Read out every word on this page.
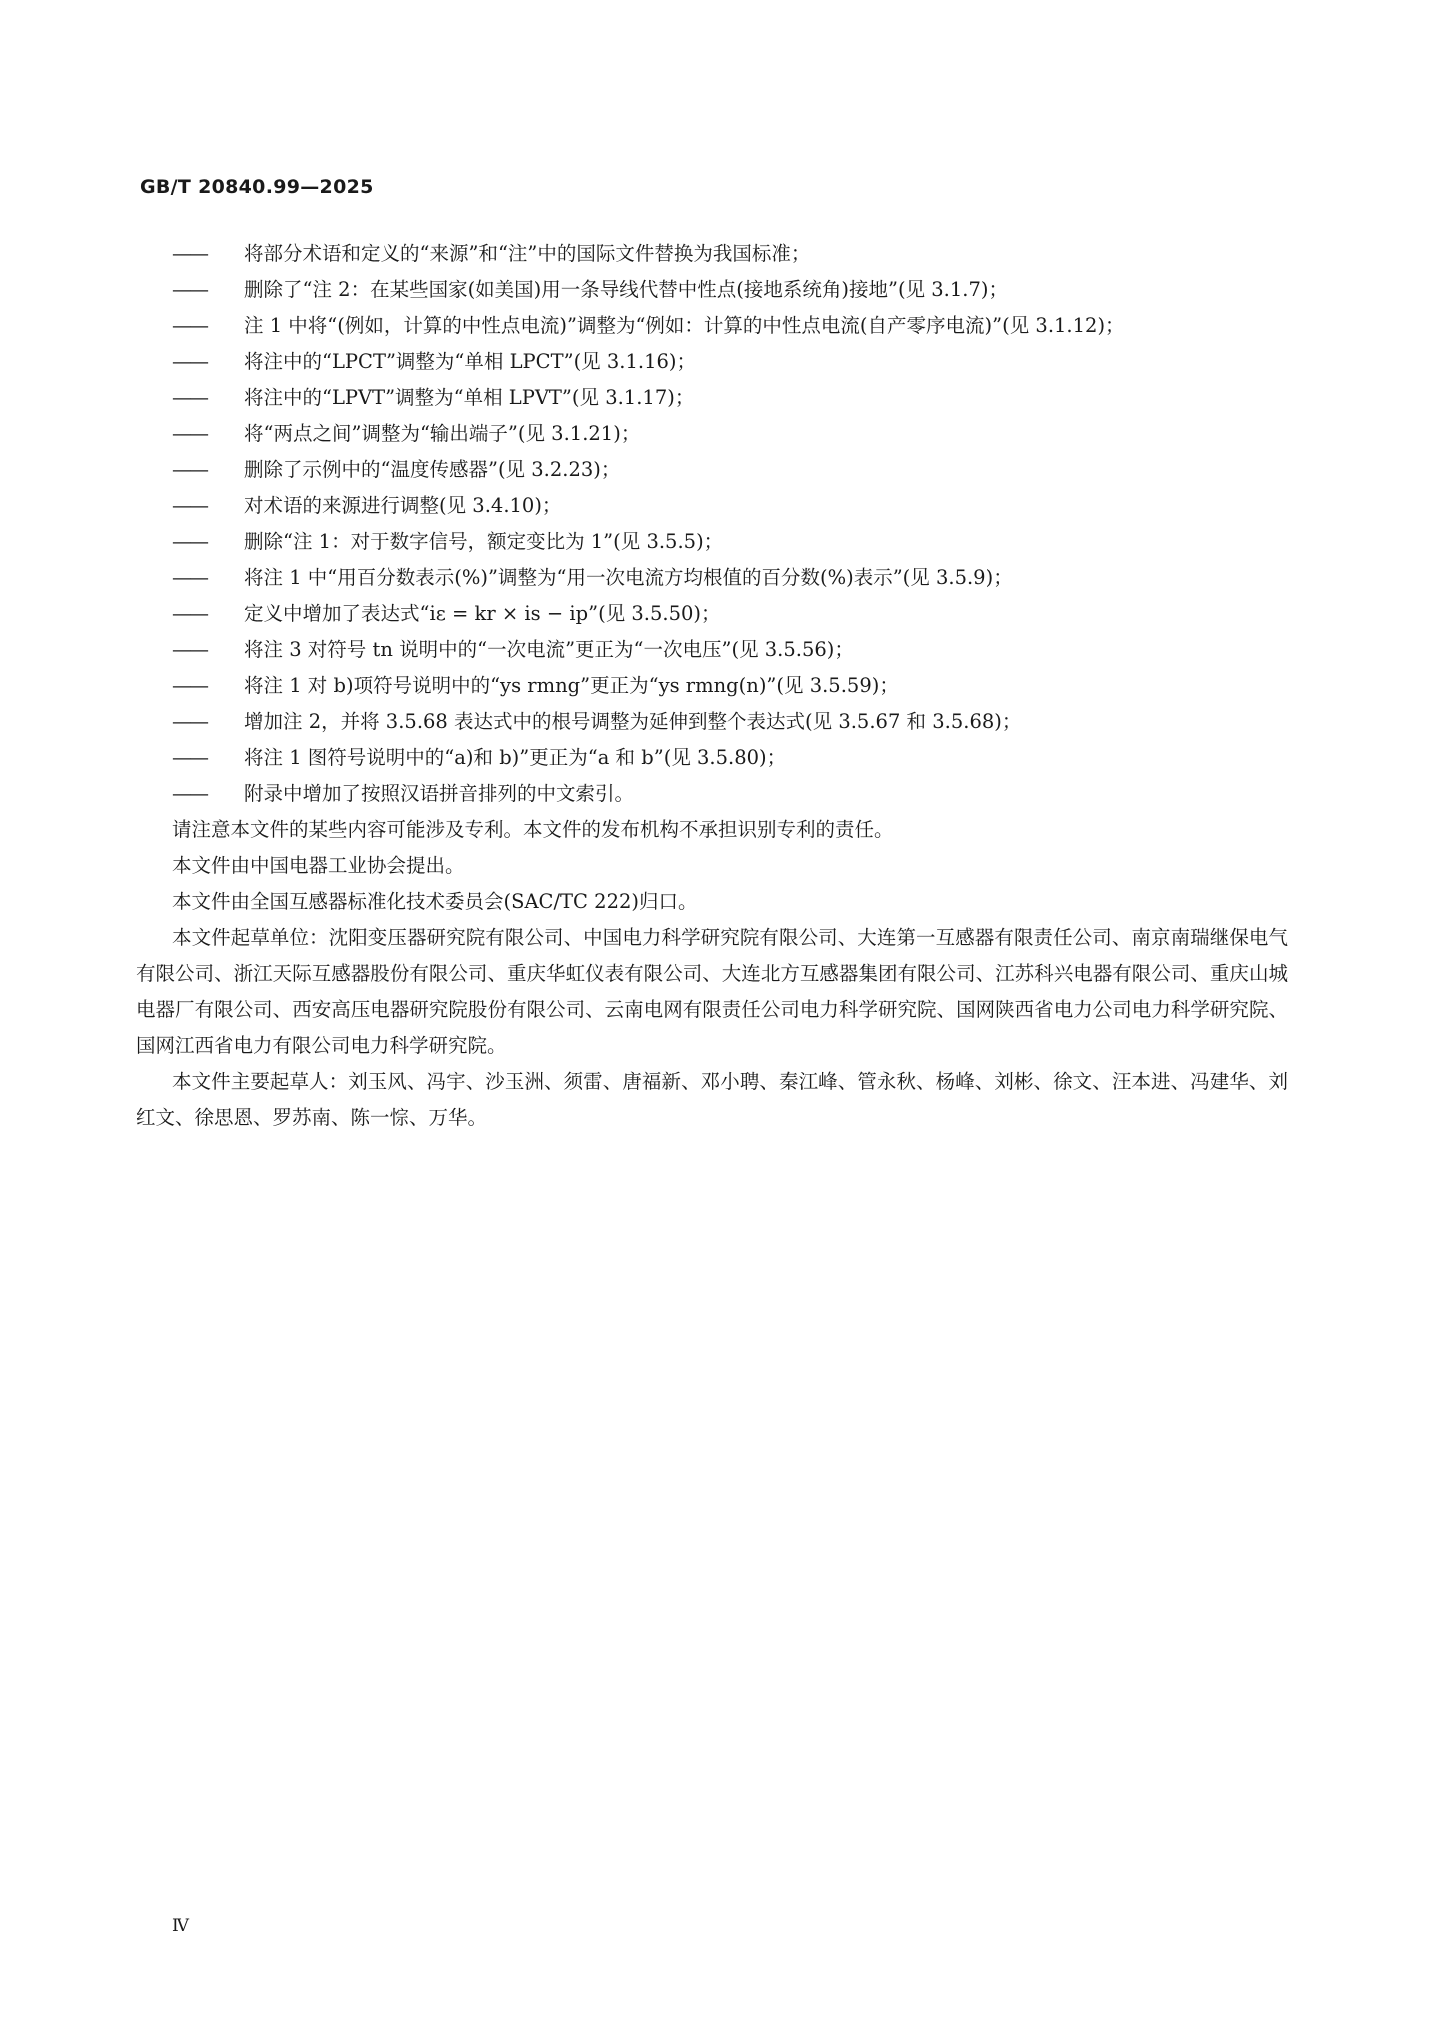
GB/T 20840.99—2025
——	将部分术语和定义的“来源”和“注”中的国际文件替换为我国标准；
——	删除了“注 2：在某些国家(如美国)用一条导线代替中性点(接地系统角)接地”(见 3.1.7)；
——	注 1 中将“(例如，计算的中性点电流)”调整为“例如：计算的中性点电流(自产零序电流)”(见 3.1.12)；
——	将注中的“LPCT”调整为“单相 LPCT”(见 3.1.16)；
——	将注中的“LPVT”调整为“单相 LPVT”(见 3.1.17)；
——	将“两点之间”调整为“输出端子”(见 3.1.21)；
——	删除了示例中的“温度传感器”(见 3.2.23)；
——	对术语的来源进行调整(见 3.4.10)；
——	删除“注 1：对于数字信号，额定变比为 1”(见 3.5.5)；
——	将注 1 中“用百分数表示(%)”调整为“用一次电流方均根值的百分数(%)表示”(见 3.5.9)；
——	定义中增加了表达式“iε = kr × is − ip”(见 3.5.50)；
——	将注 3 对符号 tn 说明中的“一次电流”更正为“一次电压”(见 3.5.56)；
——	将注 1 对 b)项符号说明中的“ys rmng”更正为“ys rmng(n)”(见 3.5.59)；
——	增加注 2，并将 3.5.68 表达式中的根号调整为延伸到整个表达式(见 3.5.67 和 3.5.68)；
——	将注 1 图符号说明中的“a)和 b)”更正为“a 和 b”(见 3.5.80)；
——	附录中增加了按照汉语拼音排列的中文索引。
请注意本文件的某些内容可能涉及专利。本文件的发布机构不承担识别专利的责任。
本文件由中国电器工业协会提出。
本文件由全国互感器标准化技术委员会(SAC/TC 222)归口。
本文件起草单位：沈阳变压器研究院有限公司、中国电力科学研究院有限公司、大连第一互感器有限责任公司、南京南瑞继保电气有限公司、浙江天际互感器股份有限公司、重庆华虹仪表有限公司、大连北方互感器集团有限公司、江苏科兴电器有限公司、重庆山城电器厂有限公司、西安高压电器研究院股份有限公司、云南电网有限责任公司电力科学研究院、国网陕西省电力公司电力科学研究院、国网江西省电力有限公司电力科学研究院。
本文件主要起草人：刘玉风、冯宇、沙玉洲、须雷、唐福新、邓小聘、秦江峰、管永秋、杨峰、刘彬、徐文、汪本进、冯建华、刘红文、徐思恩、罗苏南、陈一悰、万华。
Ⅳ
